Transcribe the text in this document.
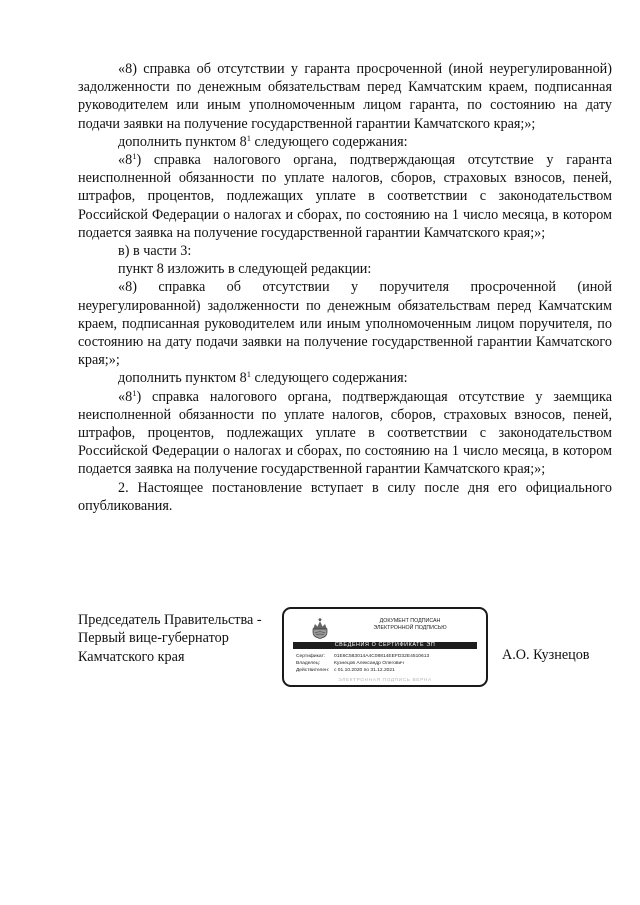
«8) справка об отсутствии у гаранта просроченной (иной неурегулированной) задолженности по денежным обязательствам перед Камчатским краем, подписанная руководителем или иным уполномоченным лицом гаранта, по состоянию на дату подачи заявки на получение государственной гарантии Камчатского края;»;

дополнить пунктом $8^1$ следующего содержания:

«$8^1$) справка налогового органа, подтверждающая отсутствие у гаранта неисполненной обязанности по уплате налогов, сборов, страховых взносов, пеней, штрафов, процентов, подлежащих уплате в соответствии с законодательством Российской Федерации о налогах и сборах, по состоянию на 1 число месяца, в котором подается заявка на получение государственной гарантии Камчатского края;»;

в) в части 3:

пункт 8 изложить в следующей редакции:

«8) справка об отсутствии у поручителя просроченной (иной неурегулированной) задолженности по денежным обязательствам перед Камчатским краем, подписанная руководителем или иным уполномоченным лицом поручителя, по состоянию на дату подачи заявки на получение государственной гарантии Камчатского края;»;

дополнить пунктом $8^1$ следующего содержания:

«$8^1$) справка налогового органа, подтверждающая отсутствие у заемщика неисполненной обязанности по уплате налогов, сборов, страховых взносов, пеней, штрафов, процентов, подлежащих уплате в соответствии с законодательством Российской Федерации о налогах и сборах, по состоянию на 1 число месяца, в котором подается заявка на получение государственной гарантии Камчатского края;»;

2. Настоящее постановление вступает в силу после дня его официального опубликования.

Председатель Правительства -
Первый вице-губернатор
Камчатского края
ДОКУМЕНТ ПОДПИСАН
ЭЛЕКТРОННОЙ ПОДПИСЬЮ
СВЕДЕНИЯ О СЕРТИФИКАТЕ ЭП
Сертификат: 01E6C583014A4C08814EEFD32E4510613
Владелец:	Кузнецов Александр Олегович
Действителен: с 01.10.2020 по 31.12.2021
ЭЛЕКТРОННАЯ ПОДПИСЬ ВЕРНА
А.О. Кузнецов
